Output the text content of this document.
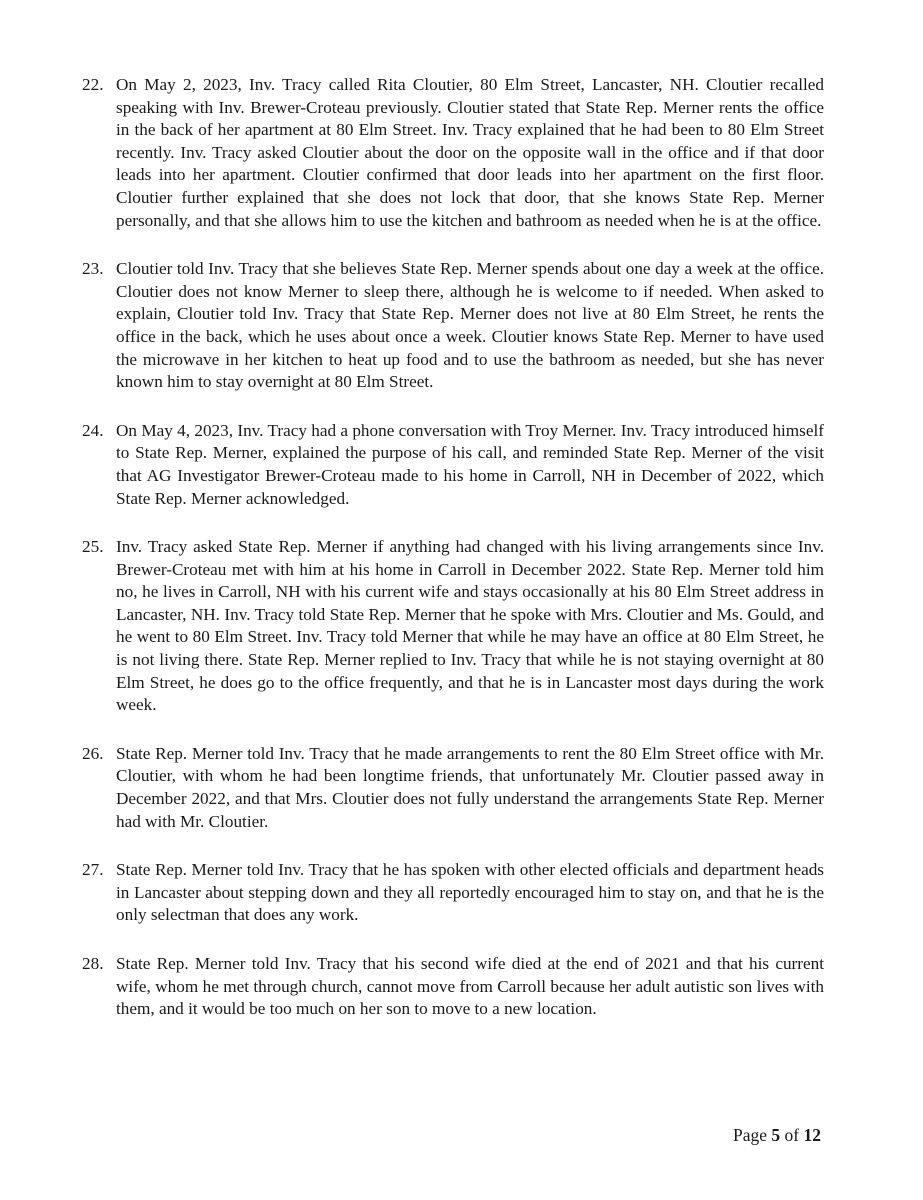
22. On May 2, 2023, Inv. Tracy called Rita Cloutier, 80 Elm Street, Lancaster, NH. Cloutier recalled speaking with Inv. Brewer-Croteau previously. Cloutier stated that State Rep. Merner rents the office in the back of her apartment at 80 Elm Street. Inv. Tracy explained that he had been to 80 Elm Street recently. Inv. Tracy asked Cloutier about the door on the opposite wall in the office and if that door leads into her apartment. Cloutier confirmed that door leads into her apartment on the first floor. Cloutier further explained that she does not lock that door, that she knows State Rep. Merner personally, and that she allows him to use the kitchen and bathroom as needed when he is at the office.
23. Cloutier told Inv. Tracy that she believes State Rep. Merner spends about one day a week at the office. Cloutier does not know Merner to sleep there, although he is welcome to if needed. When asked to explain, Cloutier told Inv. Tracy that State Rep. Merner does not live at 80 Elm Street, he rents the office in the back, which he uses about once a week. Cloutier knows State Rep. Merner to have used the microwave in her kitchen to heat up food and to use the bathroom as needed, but she has never known him to stay overnight at 80 Elm Street.
24. On May 4, 2023, Inv. Tracy had a phone conversation with Troy Merner. Inv. Tracy introduced himself to State Rep. Merner, explained the purpose of his call, and reminded State Rep. Merner of the visit that AG Investigator Brewer-Croteau made to his home in Carroll, NH in December of 2022, which State Rep. Merner acknowledged.
25. Inv. Tracy asked State Rep. Merner if anything had changed with his living arrangements since Inv. Brewer-Croteau met with him at his home in Carroll in December 2022. State Rep. Merner told him no, he lives in Carroll, NH with his current wife and stays occasionally at his 80 Elm Street address in Lancaster, NH. Inv. Tracy told State Rep. Merner that he spoke with Mrs. Cloutier and Ms. Gould, and he went to 80 Elm Street. Inv. Tracy told Merner that while he may have an office at 80 Elm Street, he is not living there. State Rep. Merner replied to Inv. Tracy that while he is not staying overnight at 80 Elm Street, he does go to the office frequently, and that he is in Lancaster most days during the work week.
26. State Rep. Merner told Inv. Tracy that he made arrangements to rent the 80 Elm Street office with Mr. Cloutier, with whom he had been longtime friends, that unfortunately Mr. Cloutier passed away in December 2022, and that Mrs. Cloutier does not fully understand the arrangements State Rep. Merner had with Mr. Cloutier.
27. State Rep. Merner told Inv. Tracy that he has spoken with other elected officials and department heads in Lancaster about stepping down and they all reportedly encouraged him to stay on, and that he is the only selectman that does any work.
28. State Rep. Merner told Inv. Tracy that his second wife died at the end of 2021 and that his current wife, whom he met through church, cannot move from Carroll because her adult autistic son lives with them, and it would be too much on her son to move to a new location.
Page 5 of 12
